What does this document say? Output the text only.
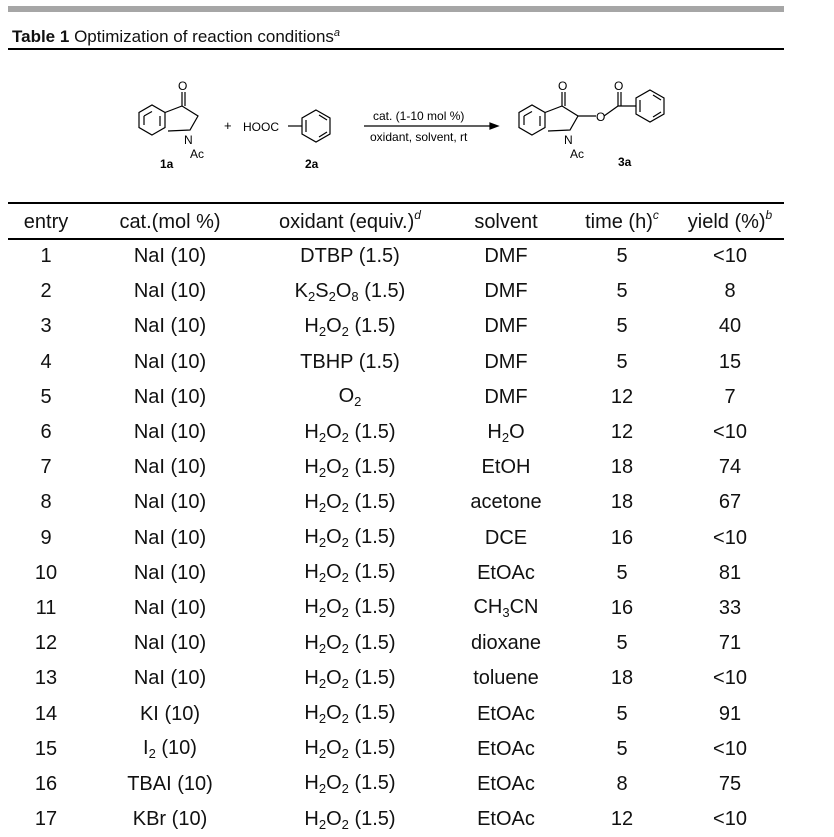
Table 1 Optimization of reaction conditions$^a$
O
N
Ac
1a
+ HOOC
2a
cat. (1-10 mol %)
oxidant, solvent, rt
O	O
O
N
Ac
3a
entry	cat.(mol %)	oxidant (equiv.)$^d$	solvent	time $(h)^c$	yield (%)$^b$
1	NaI (10)	DTBP (1.5)	DMF	5	<10
2	NaI (10)	$K_2S_2O_8$ (1.5)	DMF	5	8
3	NaI (10)	$H_2O_2$ (1.5)	DMF	5	40
4	NaI (10)	TBHP (1.5)	DMF	5	15
5	NaI (10)	$O_2$	DMF	12	7
6	NaI (10)	$H_2O_2$ (1.5)	$H_2O$	12	<10
7	NaI (10)	$H_2O_2$ (1.5)	EtOH	18	74
8	NaI (10)	$H_2O_2$ (1.5)	acetone	18	67
9	NaI (10)	$H_2O_2$ (1.5)	DCE	16	<10
10	NaI (10)	$H_2O_2$ (1.5)	EtOAc	5	81
11	NaI (10)	$H_2O_2$ (1.5)	$CH_3CN$	16	33
12	NaI (10)	$H_2O_2$ (1.5)	dioxane	5	71
13	NaI (10)	$H_2O_2$ (1.5)	toluene	18	<10
14	KI (10)	$H_2O_2$ (1.5)	EtOAc	5	91
15	$I_2$ (10)	$H_2O_2$ (1.5)	EtOAc	5	<10
16	TBAI (10)	$H_2O_2$ (1.5)	EtOAc	8	75
17	KBr (10)	$H_2O_2$ (1.5)	EtOAc	12	<10
